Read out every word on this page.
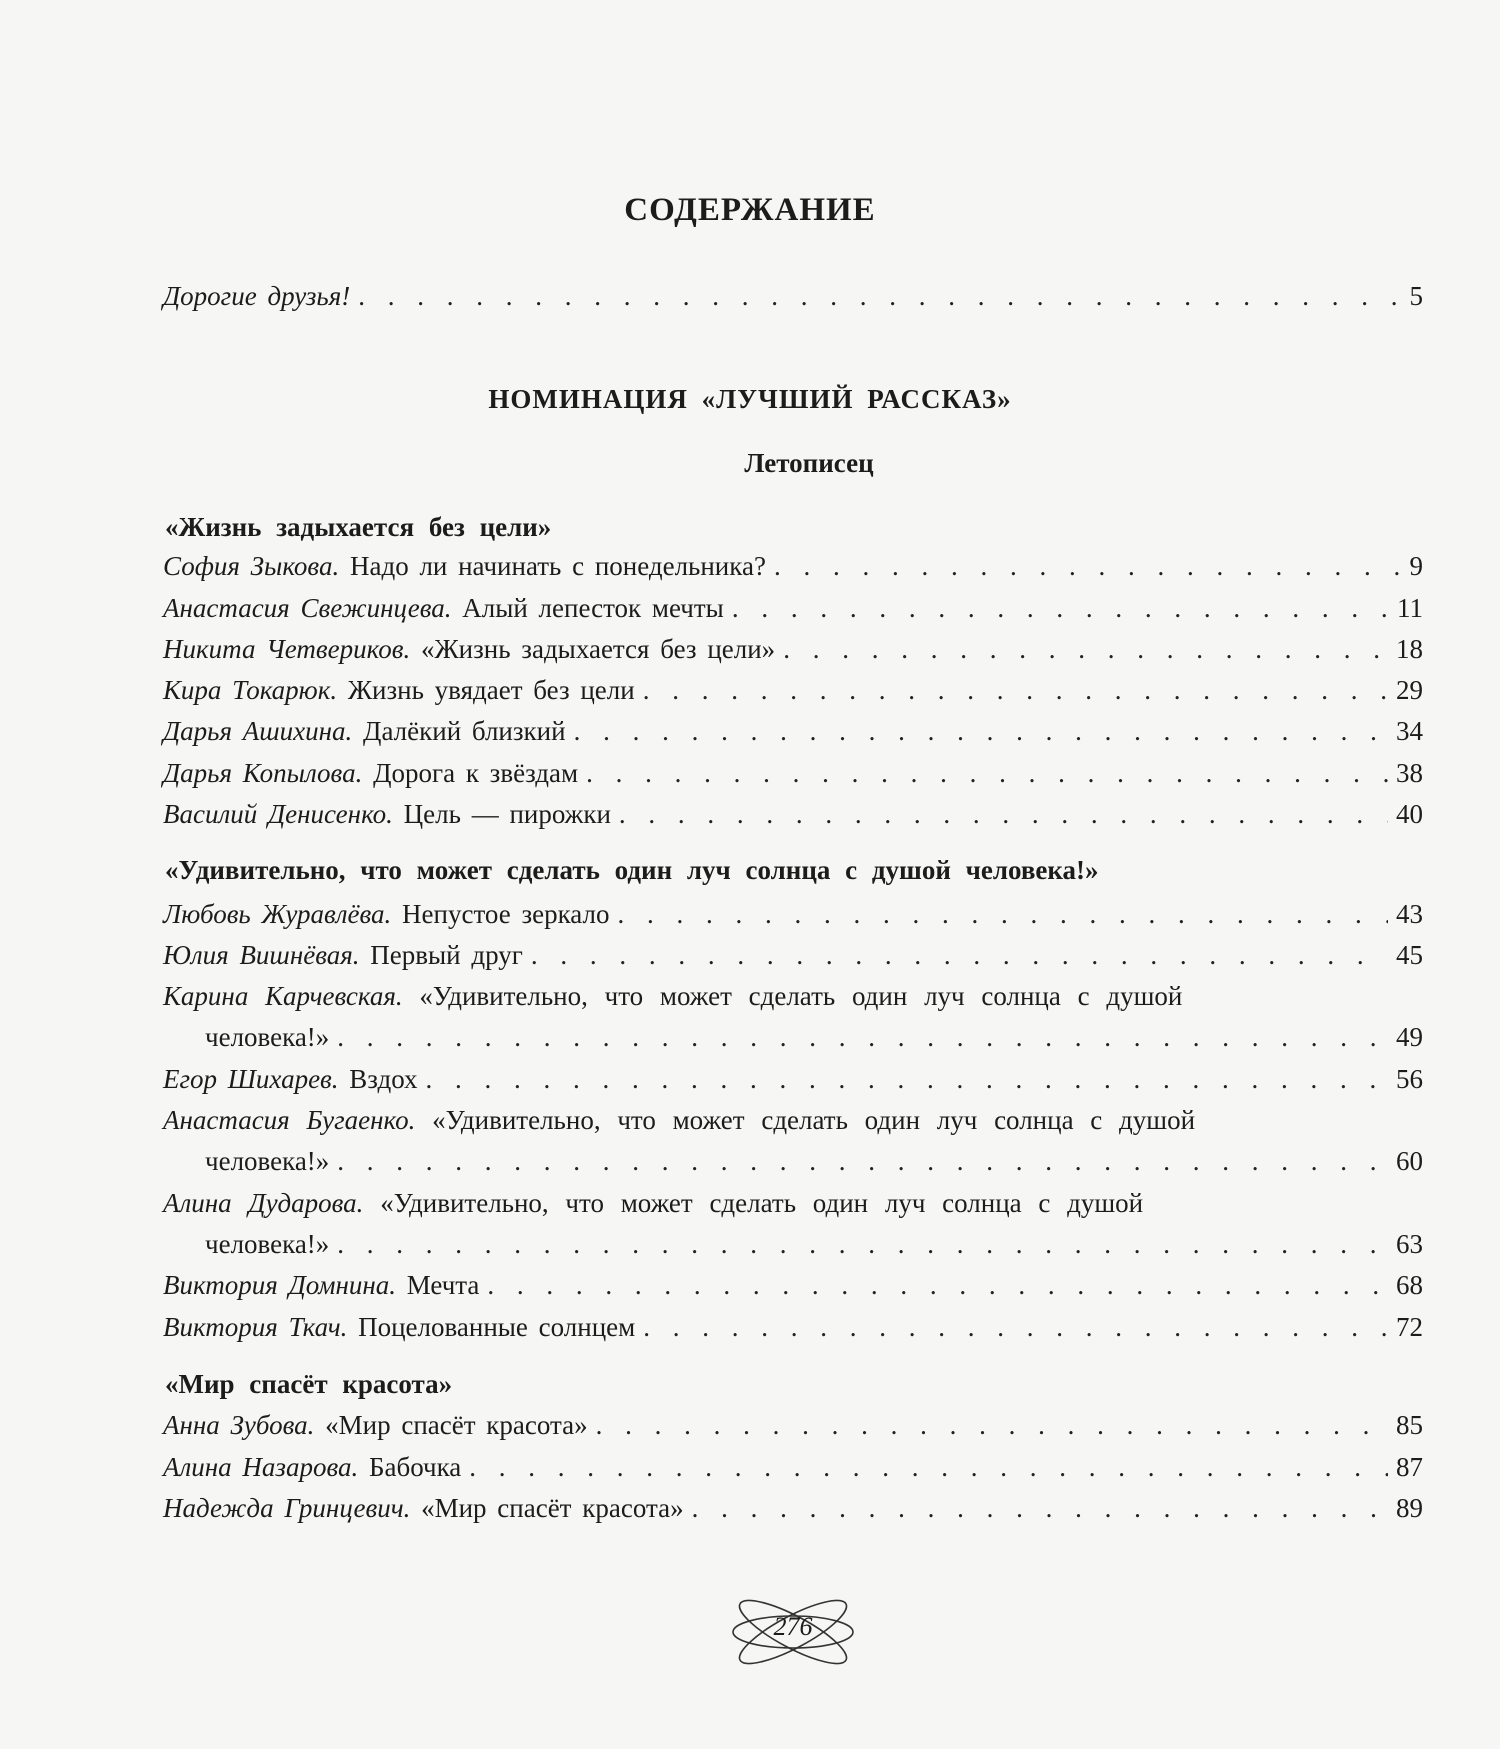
СОДЕРЖАНИЕ
Дорогие друзья! . . .	5
НОМИНАЦИЯ «ЛУЧШИЙ РАССКАЗ»
Летописец
«Жизнь задыхается без цели»
София Зыкова. Надо ли начинать с понедельника? . . .	9
Анастасия Свежинцева. Алый лепесток мечты . . .	11
Никита Четвериков. «Жизнь задыхается без цели» . . .	18
Кира Токарюк. Жизнь увядает без цели . . .	29
Дарья Ашихина. Далёкий близкий . . .	34
Дарья Копылова. Дорога к звёздам . . .	38
Василий Денисенко. Цель — пирожки . . .	40
«Удивительно, что может сделать один луч солнца с душой человека!»
Любовь Журавлёва. Непустое зеркало . . .	43
Юлия Вишнёвая. Первый друг . . .	45
Карина Карчевская. «Удивительно, что может сделать один луч солнца с душой
человека!» . . .	49
Егор Шихарев. Вздох . . .	56
Анастасия Бугаенко. «Удивительно, что может сделать один луч солнца с душой
человека!» . . .	60
Алина Дударова. «Удивительно, что может сделать один луч солнца с душой
человека!» . . .	63
Виктория Домнина. Мечта . . .	68
Виктория Ткач. Поцелованные солнцем . . .	72
«Мир спасёт красота»
Анна Зубова. «Мир спасёт красота» . . .	85
Алина Назарова. Бабочка . . .	87
Надежда Гринцевич. «Мир спасёт красота» . . .	89
276
